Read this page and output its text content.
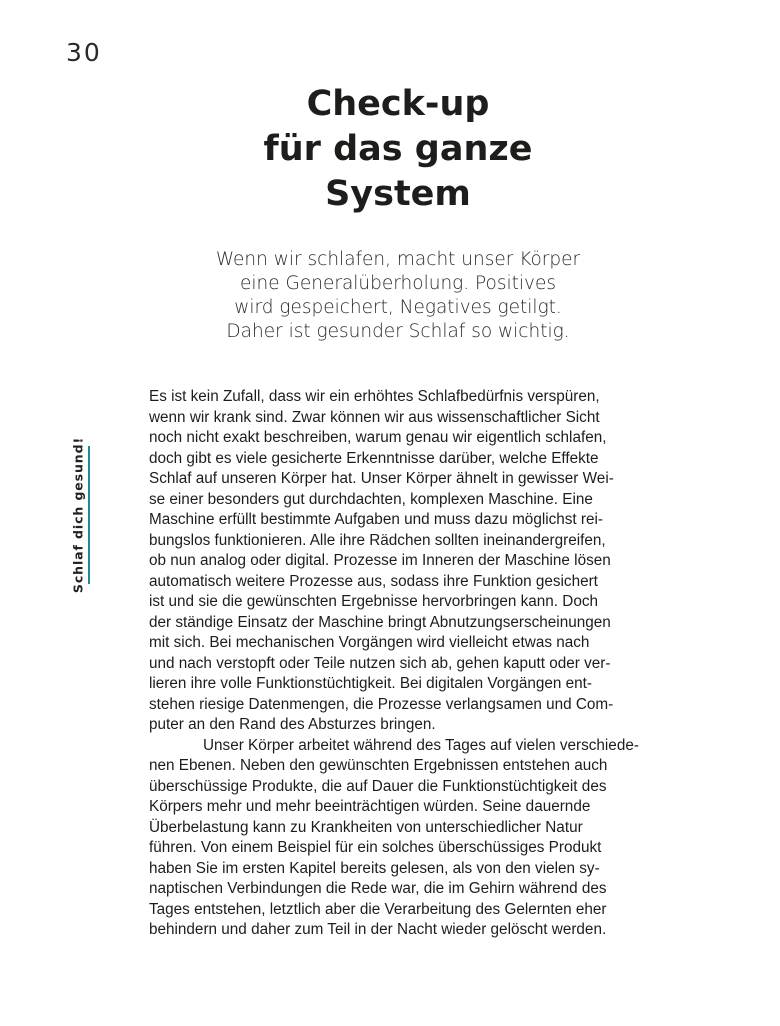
30
Schlaf dich gesund!
Check-up
für das ganze
System

Wenn wir schlafen, macht unser Körper
eine Generalüberholung. Positives
wird gespeichert, Negatives getilgt.
Daher ist gesunder Schlaf so wichtig.

Es ist kein Zufall, dass wir ein erhöhtes Schlafbedürfnis verspüren,
wenn wir krank sind. Zwar können wir aus wissenschaftlicher Sicht
noch nicht exakt beschreiben, warum genau wir eigentlich schlafen,
doch gibt es viele gesicherte Erkenntnisse darüber, welche Effekte
Schlaf auf unseren Körper hat. Unser Körper ähnelt in gewisser Wei-
se einer besonders gut durchdachten, komplexen Maschine. Eine
Maschine erfüllt bestimmte Aufgaben und muss dazu möglichst rei-
bungslos funktionieren. Alle ihre Rädchen sollten ineinandergreifen,
ob nun analog oder digital. Prozesse im Inneren der Maschine lösen
automatisch weitere Prozesse aus, sodass ihre Funktion gesichert
ist und sie die gewünschten Ergebnisse hervorbringen kann. Doch
der ständige Einsatz der Maschine bringt Abnutzungserscheinungen
mit sich. Bei mechanischen Vorgängen wird vielleicht etwas nach
und nach verstopft oder Teile nutzen sich ab, gehen kaputt oder ver-
lieren ihre volle Funktionstüchtigkeit. Bei digitalen Vorgängen ent-
stehen riesige Datenmengen, die Prozesse verlangsamen und Com-
puter an den Rand des Absturzes bringen.
Unser Körper arbeitet während des Tages auf vielen verschiede-
nen Ebenen. Neben den gewünschten Ergebnissen entstehen auch
überschüssige Produkte, die auf Dauer die Funktionstüchtigkeit des
Körpers mehr und mehr beeinträchtigen würden. Seine dauernde
Überbelastung kann zu Krankheiten von unterschiedlicher Natur
führen. Von einem Beispiel für ein solches überschüssiges Produkt
haben Sie im ersten Kapitel bereits gelesen, als von den vielen sy-
naptischen Verbindungen die Rede war, die im Gehirn während des
Tages entstehen, letztlich aber die Verarbeitung des Gelernten eher
behindern und daher zum Teil in der Nacht wieder gelöscht werden.
